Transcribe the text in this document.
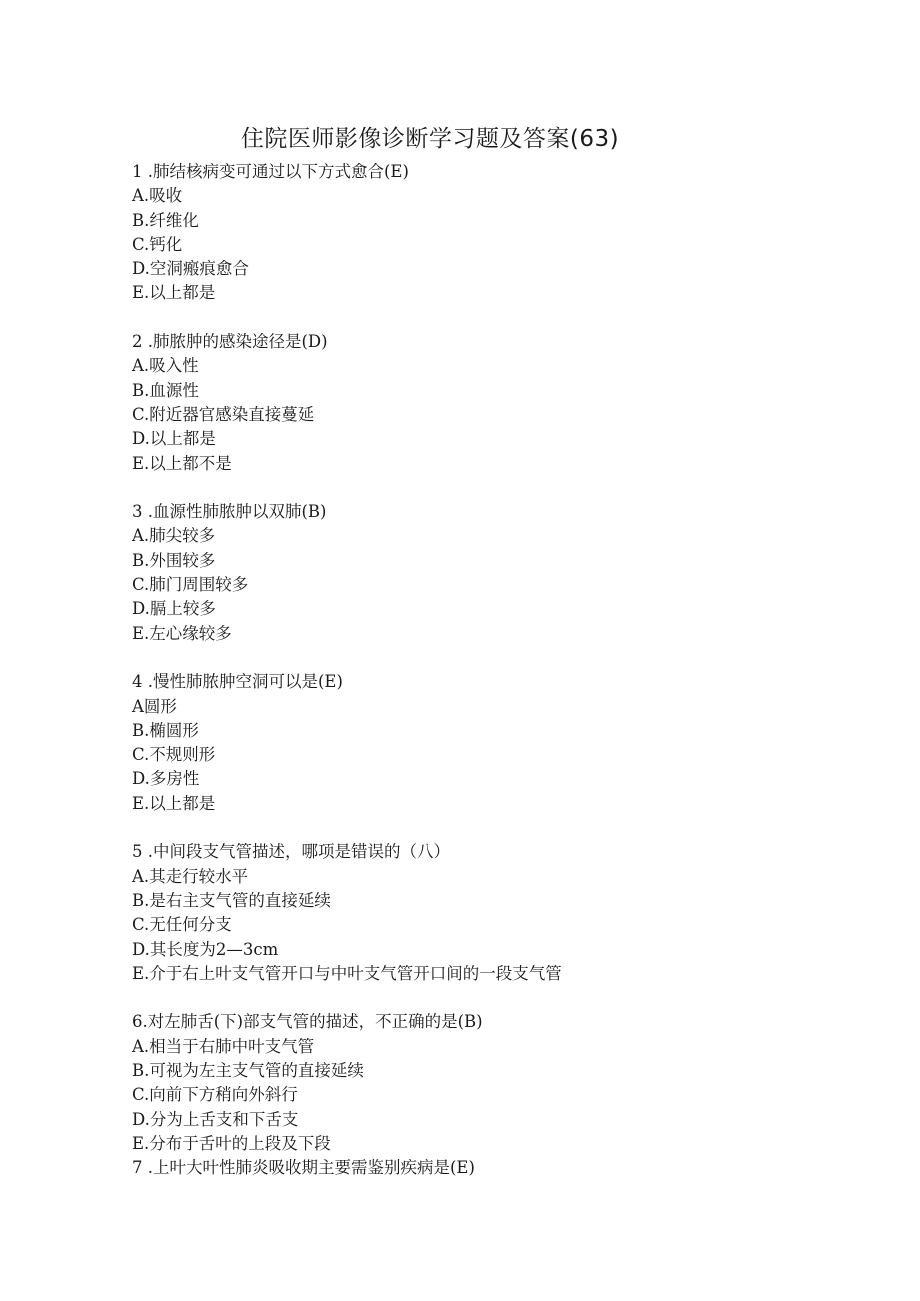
住院医师影像诊断学习题及答案(63)
1 .肺结核病变可通过以下方式愈合(E)
A.吸收
B.纤维化
C.钙化
D.空洞瘢痕愈合
E.以上都是
2 .肺脓肿的感染途径是(D)
A.吸入性
B.血源性
C.附近器官感染直接蔓延
D.以上都是
E.以上都不是
3 .血源性肺脓肿以双肺(B)
A.肺尖较多
B.外围较多
C.肺门周围较多
D.膈上较多
E.左心缘较多
4 .慢性肺脓肿空洞可以是(E)
A圆形
B.椭圆形
C.不规则形
D.多房性
E.以上都是
5 .中间段支气管描述，哪项是错误的（八）
A.其走行较水平
B.是右主支气管的直接延续
C.无任何分支
D.其长度为2—3cm
E.介于右上叶支气管开口与中叶支气管开口间的一段支气管
6.对左肺舌(下)部支气管的描述，不正确的是(B)
A.相当于右肺中叶支气管
B.可视为左主支气管的直接延续
C.向前下方稍向外斜行
D.分为上舌支和下舌支
E.分布于舌叶的上段及下段
7 .上叶大叶性肺炎吸收期主要需鉴别疾病是(E)
